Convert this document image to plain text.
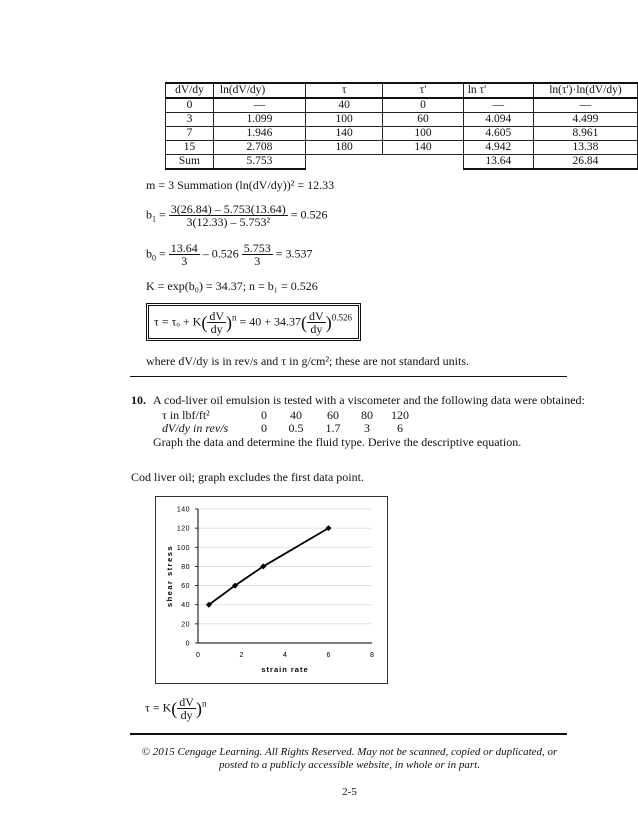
dV/dy	ln(dV/dy)	τ	τ'	ln τ'	ln(τ')·ln(dV/dy)
0	—	40	0	—	—
3	1.099	100	60	4.094	4.499
7	1.946	140	100	4.605	8.961
15	2.708	180	140	4.942	13.38
Sum	5.753			13.64	26.84
m = 3 Summation (ln(dV/dy))² = 12.33
$b_1 = \frac{3(26.84) - 5.753(13.64)}{\text{3(12.33) – 5.753²}} = 0.526$
$b_0 = \frac{13.64}{3} - 0.526 \frac{5.753}{3} = 3.537$
K = exp(b₀) = 34.37; n = b₁ = 0.526
$\tau = \tau_o + K( \frac{dV}{dy} )^n = 40 + 34.37( \frac{dV}{dy} )^{0.526}$
where dV/dy is in rev/s and τ in g/cm²; these are not standard units.
10. A cod-liver oil emulsion is tested with a viscometer and the following data were obtained:
τ in lbf/ft²	0 40 60 80 120
dV/dy in rev/s	0 0.5 1.7 3 6
Graph the data and determine the fluid type. Derive the descriptive equation.
Cod liver oil; graph excludes the first data point.
0
20
40
60
80
100
120
140
0	2	4	6	8
strain rate
shear stress
$\tau = K( \frac{dV}{dy} )^n$
© 2015 Cengage Learning. All Rights Reserved. May not be scanned, copied or duplicated, or
posted to a publicly accessible website, in whole or in part.
2-5
